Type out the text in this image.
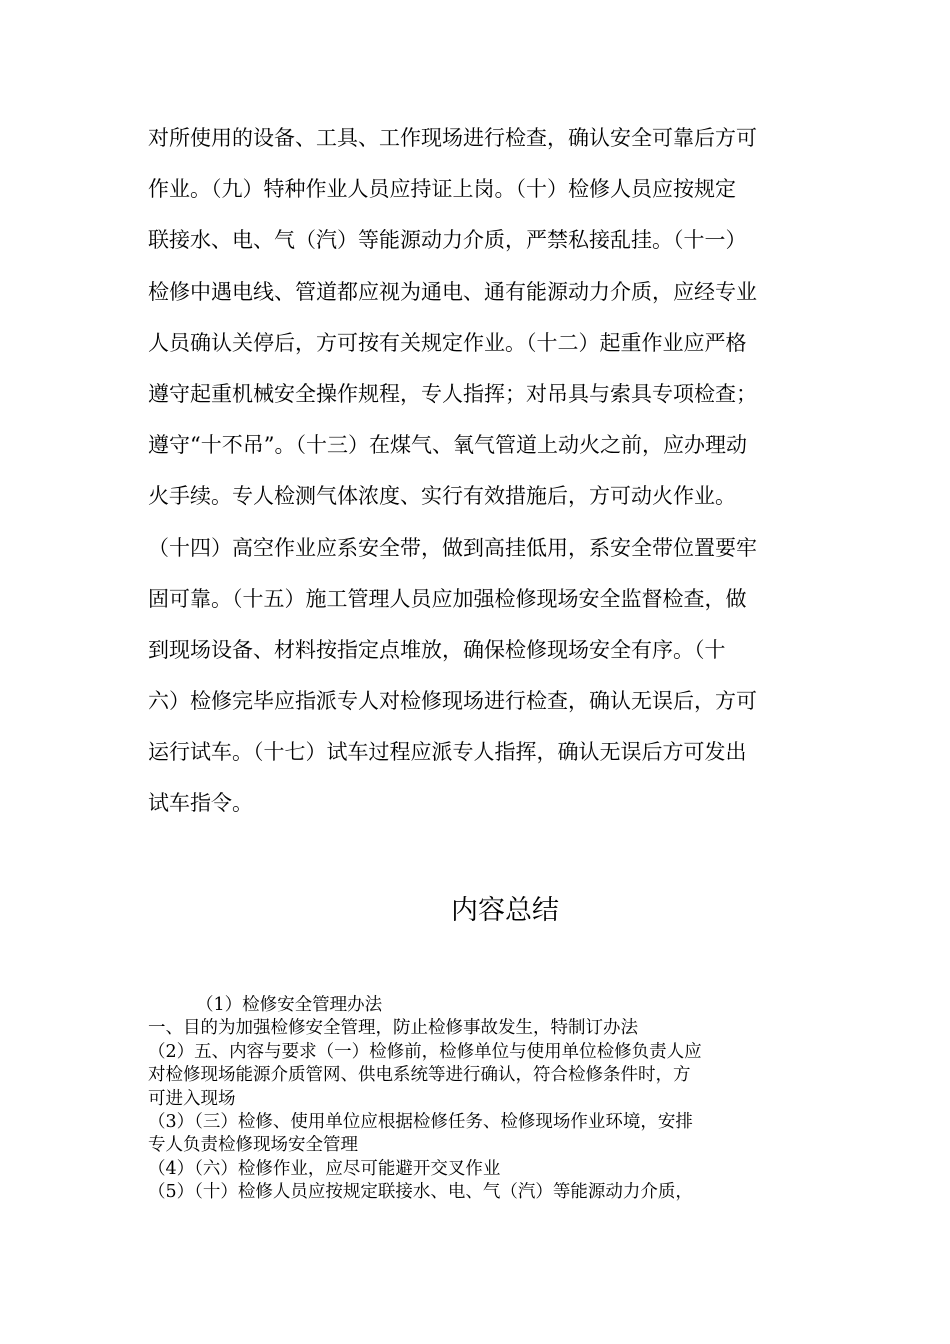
对所使用的设备、工具、工作现场进行检查，确认安全可靠后方可
作业。（九）特种作业人员应持证上岗。（十）检修人员应按规定
联接水、电、气（汽）等能源动力介质，严禁私接乱挂。（十一）
检修中遇电线、管道都应视为通电、通有能源动力介质，应经专业
人员确认关停后，方可按有关规定作业。（十二）起重作业应严格
遵守起重机械安全操作规程，专人指挥；对吊具与索具专项检查；
遵守“十不吊”。（十三）在煤气、氧气管道上动火之前，应办理动
火手续。专人检测气体浓度、实行有效措施后，方可动火作业。
（十四）高空作业应系安全带，做到高挂低用，系安全带位置要牢
固可靠。（十五）施工管理人员应加强检修现场安全监督检查，做
到现场设备、材料按指定点堆放，确保检修现场安全有序。（十
六）检修完毕应指派专人对检修现场进行检查，确认无误后，方可
运行试车。（十七）试车过程应派专人指挥，确认无误后方可发出
试车指令。
内容总结
（1）检修安全管理办法
一、目的为加强检修安全管理，防止检修事故发生，特制订办法
（2）五、内容与要求（一）检修前，检修单位与使用单位检修负责人应
对检修现场能源介质管网、供电系统等进行确认，符合检修条件时，方
可进入现场
（3）（三）检修、使用单位应根据检修任务、检修现场作业环境，安排
专人负责检修现场安全管理
（4）（六）检修作业，应尽可能避开交叉作业
（5）（十）检修人员应按规定联接水、电、气（汽）等能源动力介质，
